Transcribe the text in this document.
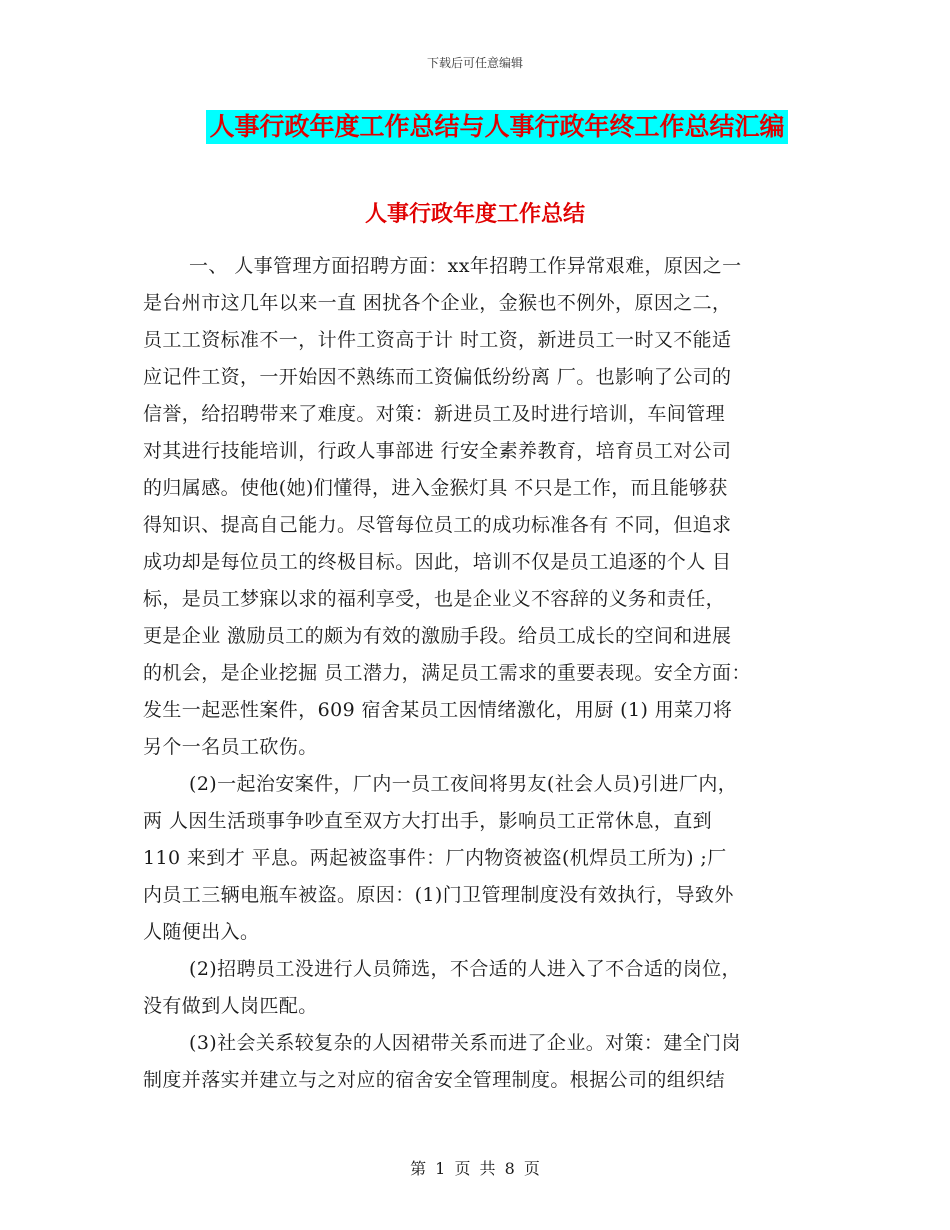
下载后可任意编辑
人事行政年度工作总结与人事行政年终工作总结汇编
人事行政年度工作总结
一、 人事管理方面招聘方面：xx年招聘工作异常艰难，原因之一
是台州市这几年以来一直 困扰各个企业，金猴也不例外，原因之二，
员工工资标准不一，计件工资高于计 时工资，新进员工一时又不能适
应记件工资，一开始因不熟练而工资偏低纷纷离 厂。也影响了公司的
信誉，给招聘带来了难度。对策：新进员工及时进行培训，车间管理
对其进行技能培训，行政人事部进 行安全素养教育，培育员工对公司
的归属感。使他(她)们懂得，进入金猴灯具 不只是工作，而且能够获
得知识、提高自己能力。尽管每位员工的成功标准各有 不同，但追求
成功却是每位员工的终极目标。因此，培训不仅是员工追逐的个人 目
标，是员工梦寐以求的福利享受，也是企业义不容辞的义务和责任，
更是企业 激励员工的颇为有效的激励手段。给员工成长的空间和进展
的机会，是企业挖掘 员工潜力，满足员工需求的重要表现。安全方面：
发生一起恶性案件，609 宿舍某员工因情绪激化，用厨 (1) 用菜刀将
另个一名员工砍伤。
(2)一起治安案件，厂内一员工夜间将男友(社会人员)引进厂内，
两 人因生活琐事争吵直至双方大打出手，影响员工正常休息，直到
110 来到才 平息。两起被盗事件：厂内物资被盗(机焊员工所为) ;厂
内员工三辆电瓶车被盗。原因：(1)门卫管理制度没有效执行，导致外
人随便出入。
(2)招聘员工没进行人员筛选，不合适的人进入了不合适的岗位，
没有做到人岗匹配。
(3)社会关系较复杂的人因裙带关系而进了企业。对策：建全门岗
制度并落实并建立与之对应的宿舍安全管理制度。根据公司的组织结
第 1 页 共 8 页
